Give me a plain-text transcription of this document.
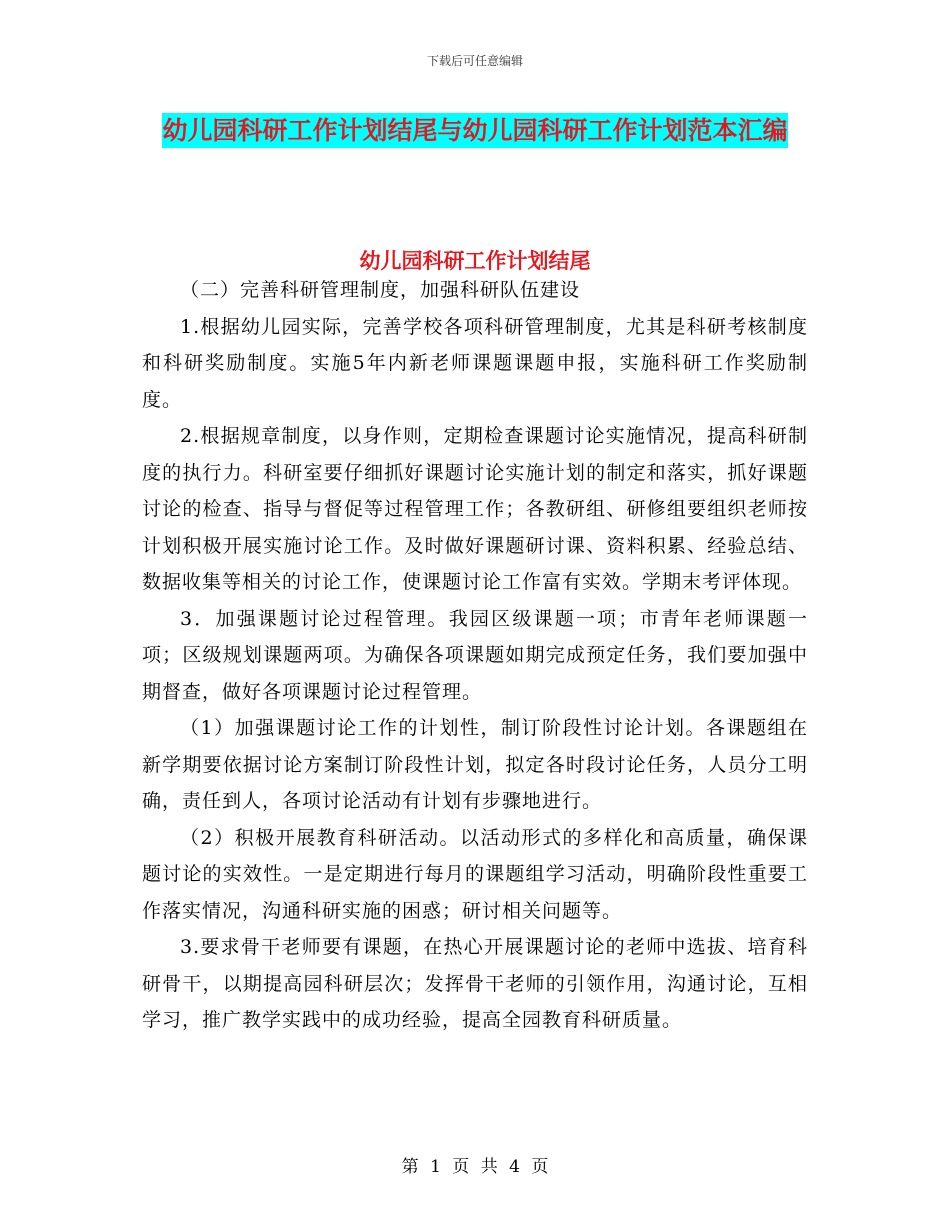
下载后可任意编辑
幼儿园科研工作计划结尾与幼儿园科研工作计划范本汇编
幼儿园科研工作计划结尾

（二）完善科研管理制度，加强科研队伍建设

1.根据幼儿园实际，完善学校各项科研管理制度，尤其是科研考核制度和科研奖励制度。实施5年内新老师课题课题申报，实施科研工作奖励制度。

2.根据规章制度，以身作则，定期检查课题讨论实施情况，提高科研制度的执行力。科研室要仔细抓好课题讨论实施计划的制定和落实，抓好课题讨论的检查、指导与督促等过程管理工作；各教研组、研修组要组织老师按计划积极开展实施讨论工作。及时做好课题研讨课、资料积累、经验总结、数据收集等相关的讨论工作，使课题讨论工作富有实效。学期末考评体现。

3．加强课题讨论过程管理。我园区级课题一项；市青年老师课题一项；区级规划课题两项。为确保各项课题如期完成预定任务，我们要加强中期督查，做好各项课题讨论过程管理。

（1）加强课题讨论工作的计划性，制订阶段性讨论计划。各课题组在新学期要依据讨论方案制订阶段性计划，拟定各时段讨论任务，人员分工明确，责任到人，各项讨论活动有计划有步骤地进行。

（2）积极开展教育科研活动。以活动形式的多样化和高质量，确保课题讨论的实效性。一是定期进行每月的课题组学习活动，明确阶段性重要工作落实情况，沟通科研实施的困惑；研讨相关问题等。

3.要求骨干老师要有课题，在热心开展课题讨论的老师中选拔、培育科研骨干，以期提高园科研层次；发挥骨干老师的引领作用，沟通讨论，互相学习，推广教学实践中的成功经验，提高全园教育科研质量。

第 1 页 共 4 页
